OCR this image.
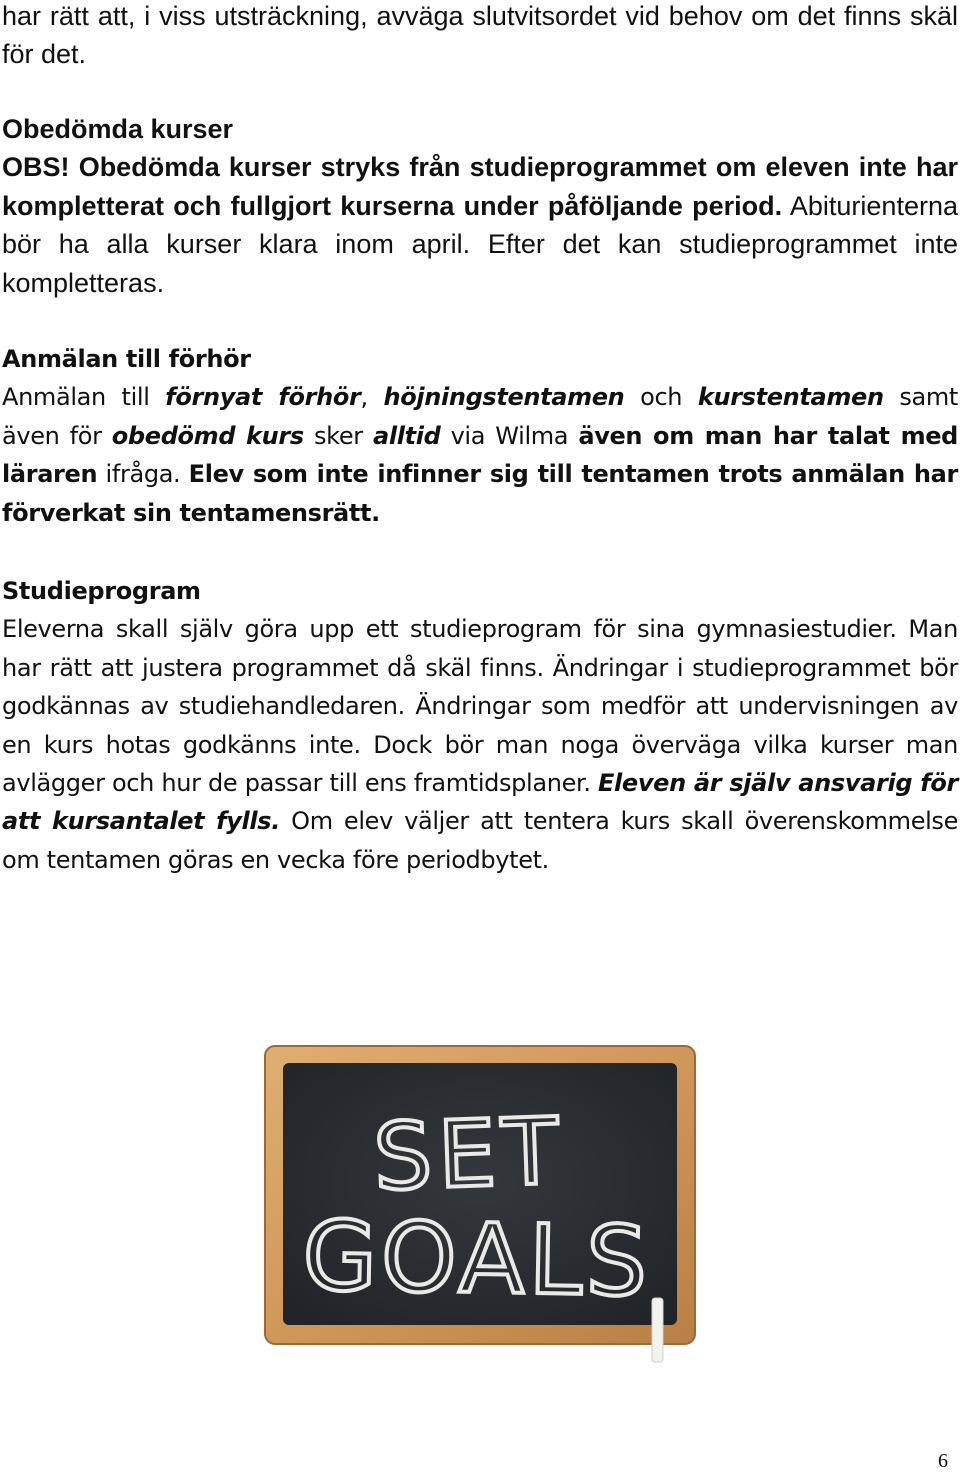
har rätt att, i viss utsträckning, avväga slutvitsordet vid behov om det finns skäl för det.
Obedömda kurser
OBS! Obedömda kurser stryks från studieprogrammet om eleven inte har kompletterat och fullgjort kurserna under påföljande period. Abiturienterna bör ha alla kurser klara inom april. Efter det kan studieprogrammet inte kompletteras.
Anmälan till förhör
Anmälan till förnyat förhör, höjningstentamen och kurstentamen samt även för obedömd kurs sker alltid via Wilma även om man har talat med läraren ifråga. Elev som inte infinner sig till tentamen trots anmälan har förverkat sin tentamensrätt.
Studieprogram
Eleverna skall själv göra upp ett studieprogram för sina gymnasiestudier. Man har rätt att justera programmet då skäl finns. Ändringar i studieprogrammet bör godkännas av studiehandledaren. Ändringar som medför att undervisningen av en kurs hotas godkänns inte. Dock bör man noga överväga vilka kurser man avlägger och hur de passar till ens framtidsplaner. Eleven är själv ansvarig för att kursantalet fylls. Om elev väljer att tentera kurs skall överenskommelse om tentamen göras en vecka före periodbytet.
SET
GOALS
6
